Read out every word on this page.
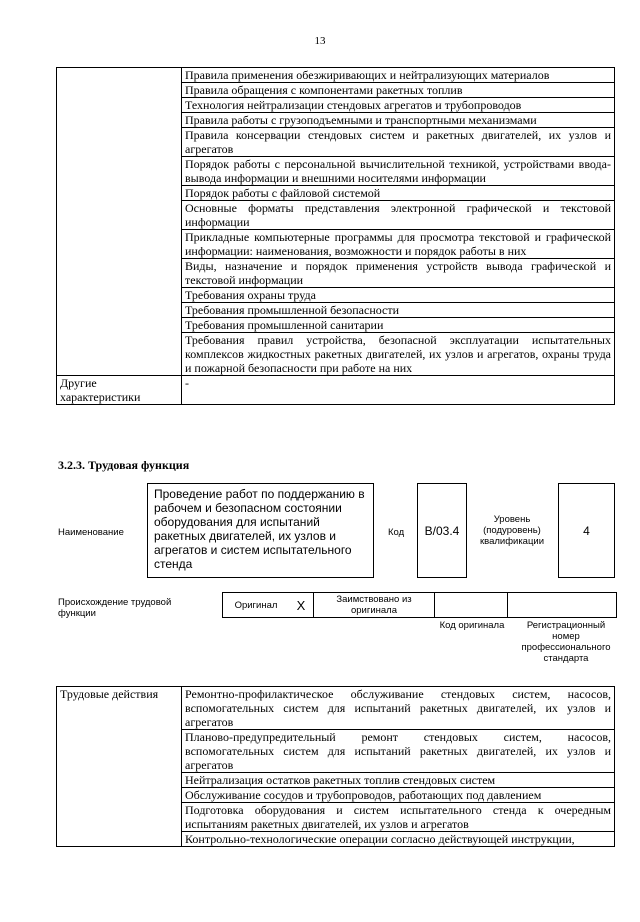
13
	Правила применения обезжиривающих и нейтрализующих материалов
	Правила обращения с компонентами ракетных топлив
	Технология нейтрализации стендовых агрегатов и трубопроводов
	Правила работы с грузоподъемными и транспортными механизмами
	Правила консервации стендовых систем и ракетных двигателей, их узлов и агрегатов
	Порядок работы с персональной вычислительной техникой, устройствами ввода-вывода информации и внешними носителями информации
	Порядок работы с файловой системой
	Основные форматы представления электронной графической и текстовой информации
	Прикладные компьютерные программы для просмотра текстовой и графической информации: наименования, возможности и порядок работы в них
	Виды, назначение и порядок применения устройств вывода графической и текстовой информации
	Требования охраны труда
	Требования промышленной безопасности
	Требования промышленной санитарии
	Требования правил устройства, безопасной эксплуатации испытательных комплексов жидкостных ракетных двигателей, их узлов и агрегатов, охраны труда и пожарной безопасности при работе на них
Другие характеристики	-
3.2.3. Трудовая функция
Наименование
Проведение работ по поддержанию в рабочем и безопасном состоянии оборудования для испытаний ракетных двигателей, их узлов и агрегатов и систем испытательного стенда
Код	B/03.4
Уровень (подуровень) квалификации
4
Происхождение трудовой функции
Оригинал	X	Заимствовано из оригинала		
Код оригинала	Регистрационный номер профессионального стандарта
Трудовые действия	Ремонтно-профилактическое обслуживание стендовых систем, насосов, вспомогательных систем для испытаний ракетных двигателей, их узлов и агрегатов
Планово-предупредительный ремонт стендовых систем, насосов, вспомогательных систем для испытаний ракетных двигателей, их узлов и агрегатов
Нейтрализация остатков ракетных топлив стендовых систем
Обслуживание сосудов и трубопроводов, работающих под давлением
Подготовка оборудования и систем испытательного стенда к очередным испытаниям ракетных двигателей, их узлов и агрегатов
Контрольно-технологические операции согласно действующей инструкции,
